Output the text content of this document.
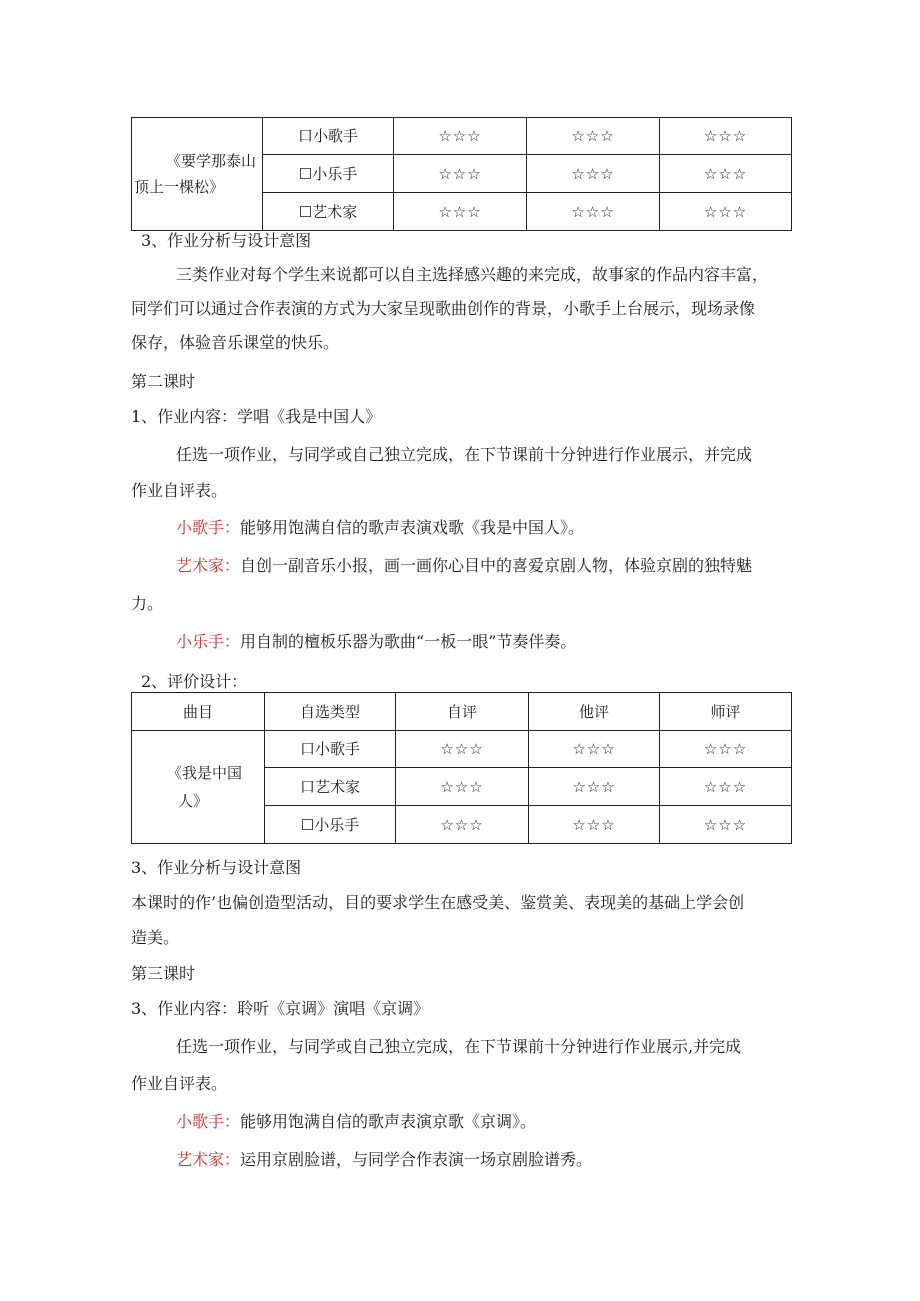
《要学那泰山
顶上一棵松》	口小歌手	☆☆☆	☆☆☆	☆☆☆
	☐小乐手	☆☆☆	☆☆☆	☆☆☆
	☐艺术家	☆☆☆	☆☆☆	☆☆☆
3、作业分析与设计意图
三类作业对每个学生来说都可以自主选择感兴趣的来完成，故事家的作品内容丰富，
同学们可以通过合作表演的方式为大家呈现歌曲创作的背景，小歌手上台展示，现场录像
保存，体验音乐课堂的快乐。
第二课时
1、作业内容：学唱《我是中国人》
任选一项作业，与同学或自己独立完成，在下节课前十分钟进行作业展示，并完成
作业自评表。
小歌手：能够用饱满自信的歌声表演戏歌《我是中国人》。
艺术家：自创一副音乐小报，画一画你心目中的喜爱京剧人物，体验京剧的独特魅
力。
小乐手：用自制的檀板乐器为歌曲“一板一眼”节奏伴奏。
2、评价设计：
曲目	自选类型	自评	他评	师评

《我是中国
人》	口小歌手	☆☆☆	☆☆☆	☆☆☆
	口艺术家	☆☆☆	☆☆☆	☆☆☆
	☐小乐手	☆☆☆	☆☆☆	☆☆☆
3、作业分析与设计意图
本课时的作’也偏创造型活动，目的要求学生在感受美、鉴赏美、表现美的基础上学会创
造美。
第三课时
3、作业内容：聆听《京调》演唱《京调》
任选一项作业，与同学或自己独立完成，在下节课前十分钟进行作业展示,并完成
作业自评表。
小歌手：能够用饱满自信的歌声表演京歌《京调》。
艺术家：运用京剧脸谱，与同学合作表演一场京剧脸谱秀。
